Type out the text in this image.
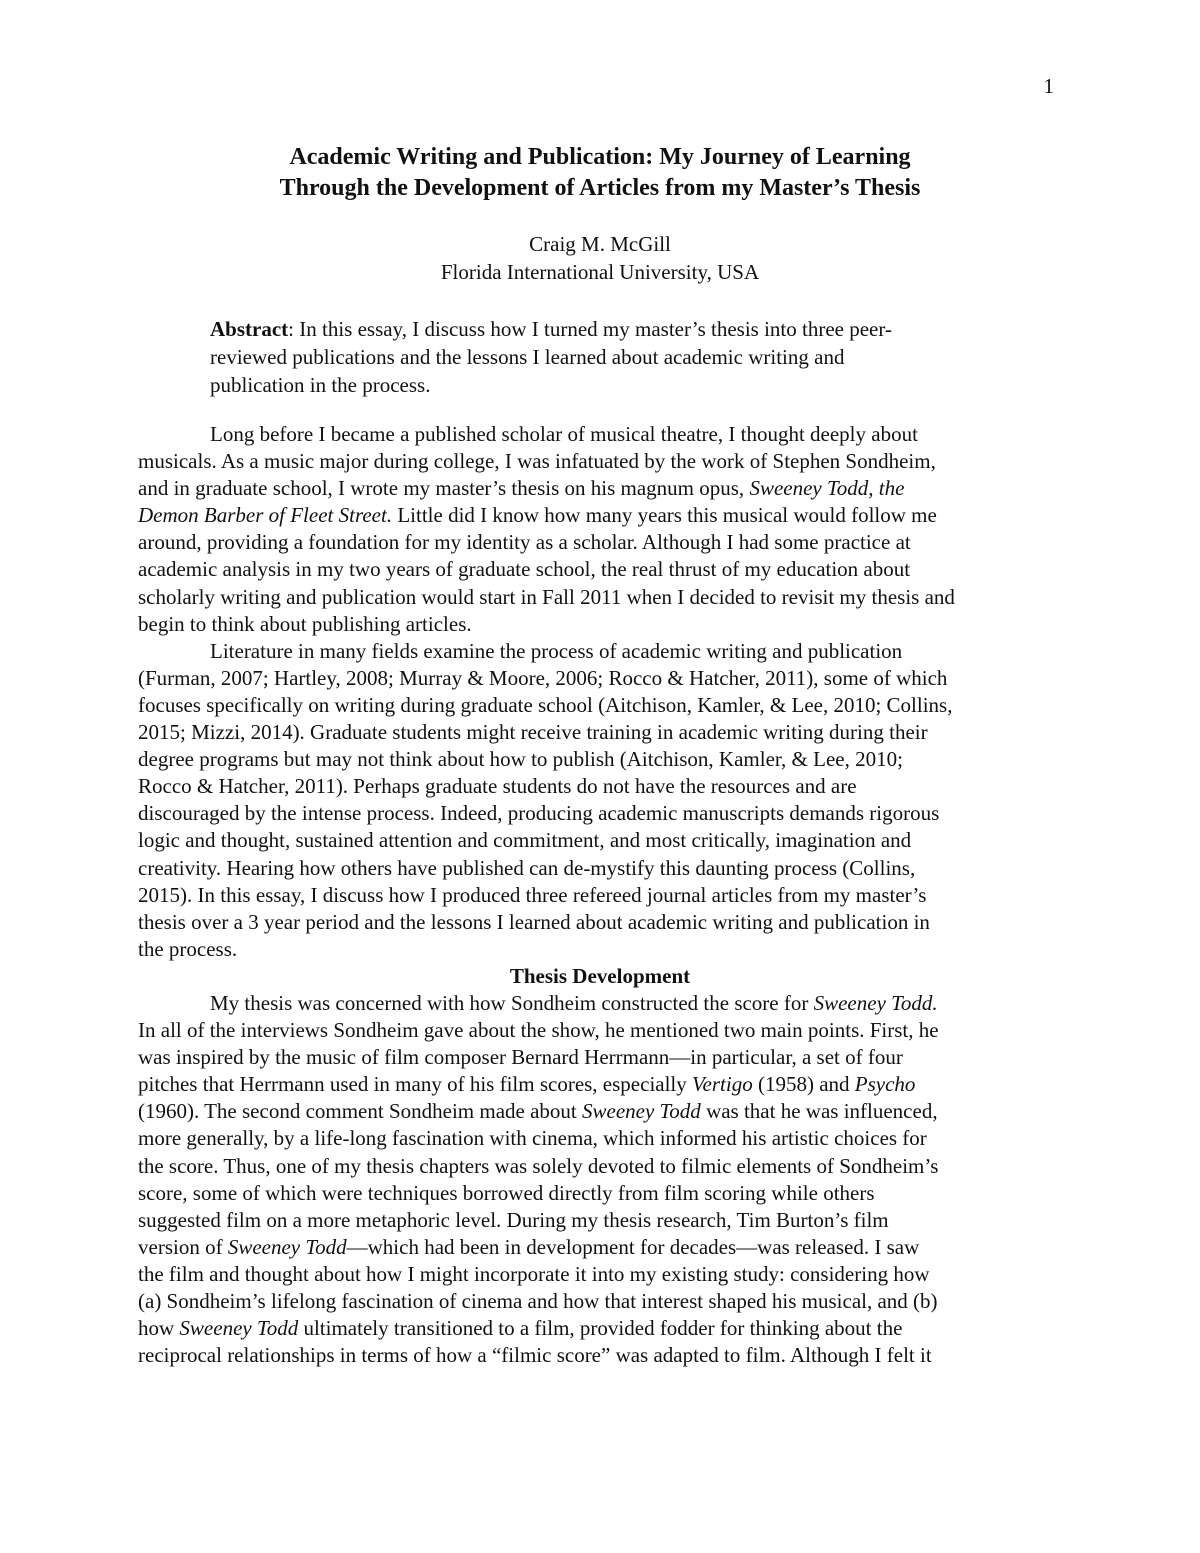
1
Academic Writing and Publication: My Journey of Learning
Through the Development of Articles from my Master’s Thesis
Craig M. McGill
Florida International University, USA
Abstract: In this essay, I discuss how I turned my master’s thesis into three peer-
reviewed publications and the lessons I learned about academic writing and
publication in the process.
Long before I became a published scholar of musical theatre, I thought deeply about
musicals. As a music major during college, I was infatuated by the work of Stephen Sondheim,
and in graduate school, I wrote my master’s thesis on his magnum opus, Sweeney Todd, the
Demon Barber of Fleet Street. Little did I know how many years this musical would follow me
around, providing a foundation for my identity as a scholar. Although I had some practice at
academic analysis in my two years of graduate school, the real thrust of my education about
scholarly writing and publication would start in Fall 2011 when I decided to revisit my thesis and
begin to think about publishing articles.
Literature in many fields examine the process of academic writing and publication
(Furman, 2007; Hartley, 2008; Murray & Moore, 2006; Rocco & Hatcher, 2011), some of which
focuses specifically on writing during graduate school (Aitchison, Kamler, & Lee, 2010; Collins,
2015; Mizzi, 2014). Graduate students might receive training in academic writing during their
degree programs but may not think about how to publish (Aitchison, Kamler, & Lee, 2010;
Rocco & Hatcher, 2011). Perhaps graduate students do not have the resources and are
discouraged by the intense process. Indeed, producing academic manuscripts demands rigorous
logic and thought, sustained attention and commitment, and most critically, imagination and
creativity. Hearing how others have published can de-mystify this daunting process (Collins,
2015). In this essay, I discuss how I produced three refereed journal articles from my master’s
thesis over a 3 year period and the lessons I learned about academic writing and publication in
the process.
Thesis Development
My thesis was concerned with how Sondheim constructed the score for Sweeney Todd.
In all of the interviews Sondheim gave about the show, he mentioned two main points. First, he
was inspired by the music of film composer Bernard Herrmann—in particular, a set of four
pitches that Herrmann used in many of his film scores, especially Vertigo (1958) and Psycho
(1960). The second comment Sondheim made about Sweeney Todd was that he was influenced,
more generally, by a life-long fascination with cinema, which informed his artistic choices for
the score. Thus, one of my thesis chapters was solely devoted to filmic elements of Sondheim’s
score, some of which were techniques borrowed directly from film scoring while others
suggested film on a more metaphoric level. During my thesis research, Tim Burton’s film
version of Sweeney Todd—which had been in development for decades—was released. I saw
the film and thought about how I might incorporate it into my existing study: considering how
(a) Sondheim’s lifelong fascination of cinema and how that interest shaped his musical, and (b)
how Sweeney Todd ultimately transitioned to a film, provided fodder for thinking about the
reciprocal relationships in terms of how a “filmic score” was adapted to film. Although I felt it
